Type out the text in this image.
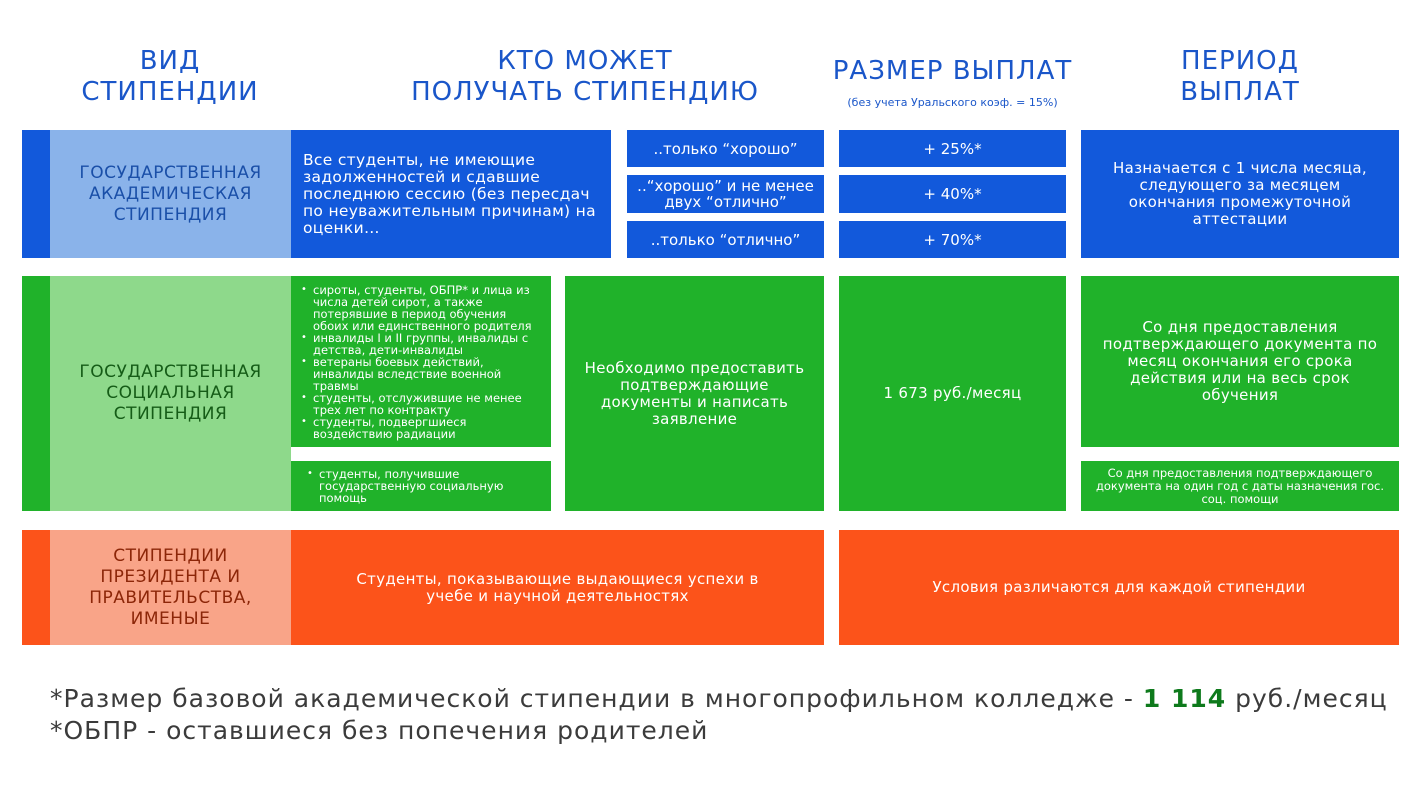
ВИД
СТИПЕНДИИ
КТО МОЖЕТ
ПОЛУЧАТЬ СТИПЕНДИЮ
РАЗМЕР ВЫПЛАТ
(без учета Уральского коэф. = 15%)
ПЕРИОД
ВЫПЛАТ
ГОСУДАРСТВЕННАЯ
АКАДЕМИЧЕСКАЯ
СТИПЕНДИЯ
Все студенты, не имеющие задолженностей и сдавшие последнюю сессию (без пересдач по неуважительным причинам) на оценки…
..только “хорошо”
..“хорошо” и не менее двух “отлично”
..только “отлично”
+ 25%*
+ 40%*
+ 70%*
Назначается с 1 числа месяца, следующего за месяцем окончания промежуточной аттестации
ГОСУДАРСТВЕННАЯ
СОЦИАЛЬНАЯ
СТИПЕНДИЯ
• сироты, студенты, ОБПР* и лица из числа детей сирот, а также потерявшие в период обучения обоих или единственного родителя
• инвалиды I и II группы, инвалиды с детства, дети-инвалиды
• ветераны боевых действий, инвалиды вследствие военной травмы
• студенты, отслужившие не менее трех лет по контракту
• студенты, подвергшиеся воздействию радиации
• студенты, получившие государственную социальную помощь
Необходимо предоставить подтверждающие документы и написать заявление
1 673 руб./месяц
Со дня предоставления подтверждающего документа по месяц окончания его срока действия или на весь срок обучения
Со дня предоставления подтверждающего документа на один год с даты назначения гос. соц. помощи
СТИПЕНДИИ
ПРЕЗИДЕНТА И
ПРАВИТЕЛЬСТВА,
ИМЕНЫЕ
Студенты, показывающие выдающиеся успехи в учебе и научной деятельностях	Условия различаются для каждой стипендии
*Размер базовой академической стипендии в многопрофильном колледже - 1 114 руб./месяц
*ОБПР - оставшиеся без попечения родителей
